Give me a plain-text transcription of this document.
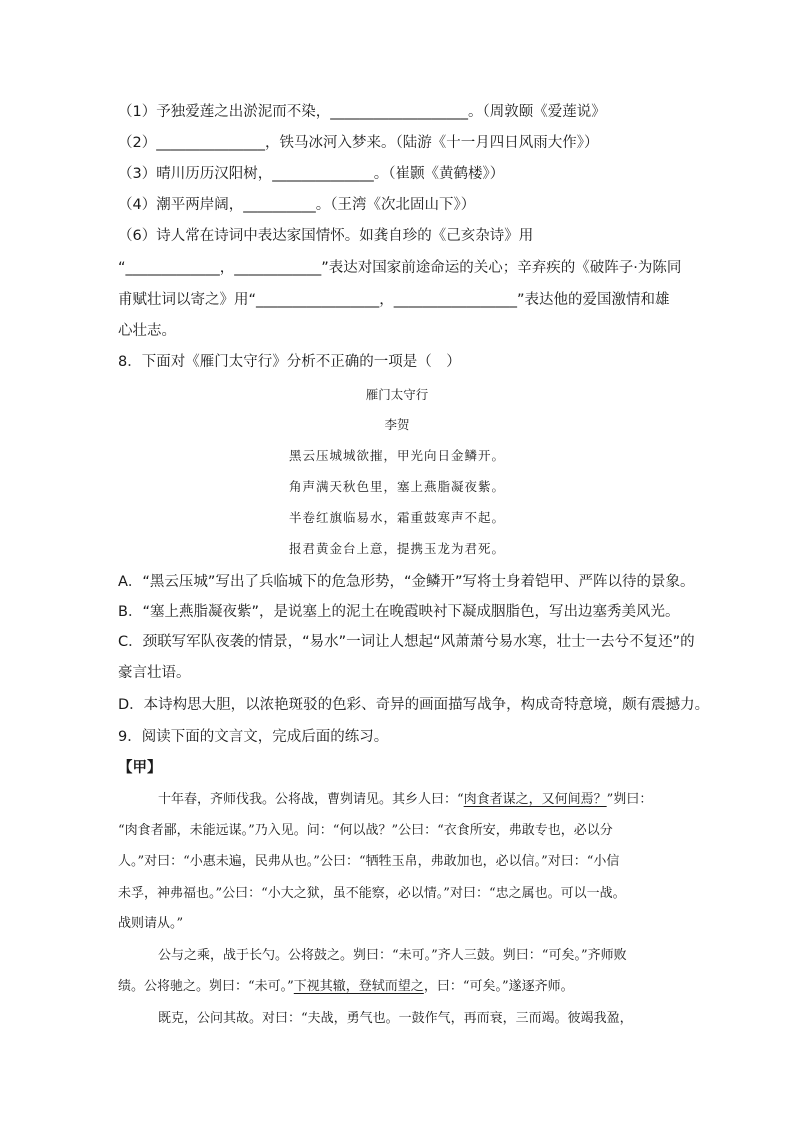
（1）予独爱莲之出淤泥而不染，___________________。（周敦颐《爱莲说》
（2）_______________，铁马冰河入梦来。（陆游《十一月四日风雨大作》）
（3）晴川历历汉阳树，______________。（崔颢《黄鹤楼》）
（4）潮平两岸阔，__________。（王湾《次北固山下》）
（6）诗人常在诗词中表达家国情怀。如龚自珍的《己亥杂诗》用
“_____________，____________”表达对国家前途命运的关心；辛弃疾的《破阵子·为陈同
甫赋壮词以寄之》用“_________________，_________________”表达他的爱国激情和雄
心壮志。
8．下面对《雁门太守行》分析不正确的一项是（　）
雁门太守行
李贺
黑云压城城欲摧，甲光向日金鳞开。
角声满天秋色里，塞上燕脂凝夜紫。
半卷红旗临易水，霜重鼓寒声不起。
报君黄金台上意，提携玉龙为君死。
A．“黑云压城”写出了兵临城下的危急形势，“金鳞开”写将士身着铠甲、严阵以待的景象。
B．“塞上燕脂凝夜紫”，是说塞上的泥土在晚霞映衬下凝成胭脂色，写出边塞秀美风光。
C．颈联写军队夜袭的情景，“易水”一词让人想起“风萧萧兮易水寒，壮士一去兮不复还”的
豪言壮语。
D．本诗构思大胆，以浓艳斑驳的色彩、奇异的画面描写战争，构成奇特意境，颇有震撼力。
9．阅读下面的文言文，完成后面的练习。
【甲】
十年春，齐师伐我。公将战，曹刿请见。其乡人曰：“肉食者谋之，又何间焉？”刿曰：
“肉食者鄙，未能远谋。”乃入见。问：“何以战？”公曰：“衣食所安，弗敢专也，必以分
人。”对曰：“小惠未遍，民弗从也。”公曰：“牺牲玉帛，弗敢加也，必以信。”对曰：“小信
未孚，神弗福也。”公曰：“小大之狱，虽不能察，必以情。”对曰：“忠之属也。可以一战。
战则请从。”
公与之乘，战于长勺。公将鼓之。刿曰：“未可。”齐人三鼓。刿曰：“可矣。”齐师败
绩。公将驰之。刿曰：“未可。”下视其辙，登轼而望之，曰：“可矣。”遂逐齐师。
既克，公问其故。对曰：“夫战，勇气也。一鼓作气，再而衰，三而竭。彼竭我盈，
